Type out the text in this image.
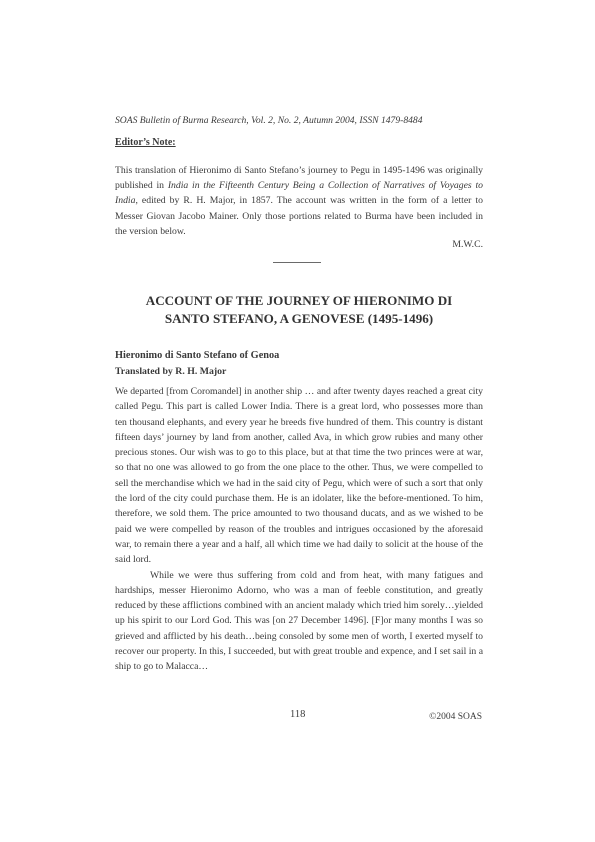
SOAS Bulletin of Burma Research, Vol. 2, No. 2, Autumn 2004, ISSN 1479-8484
Editor’s Note:

This translation of Hieronimo di Santo Stefano’s journey to Pegu in 1495-1496 was originally published in India in the Fifteenth Century Being a Collection of Narratives of Voyages to India, edited by R. H. Major, in 1857. The account was written in the form of a letter to Messer Giovan Jacobo Mainer. Only those portions related to Burma have been included in the version below.

M.W.C.
ACCOUNT OF THE JOURNEY OF HIERONIMO DI
SANTO STEFANO, A GENOVESE (1495-1496)
Hieronimo di Santo Stefano of Genoa
Translated by R. H. Major

We departed [from Coromandel] in another ship … and after twenty dayes reached a great city called Pegu. This part is called Lower India. There is a great lord, who possesses more than ten thousand elephants, and every year he breeds five hundred of them. This country is distant fifteen days’ journey by land from another, called Ava, in which grow rubies and many other precious stones. Our wish was to go to this place, but at that time the two princes were at war, so that no one was allowed to go from the one place to the other. Thus, we were compelled to sell the merchandise which we had in the said city of Pegu, which were of such a sort that only the lord of the city could purchase them. He is an idolater, like the before-mentioned. To him, therefore, we sold them. The price amounted to two thousand ducats, and as we wished to be paid we were compelled by reason of the troubles and intrigues occasioned by the aforesaid war, to remain there a year and a half, all which time we had daily to solicit at the house of the said lord.

While we were thus suffering from cold and from heat, with many fatigues and hardships, messer Hieronimo Adorno, who was a man of feeble constitution, and greatly reduced by these afflictions combined with an ancient malady which tried him sorely…yielded up his spirit to our Lord God. This was [on 27 December 1496]. [F]or many months I was so grieved and afflicted by his death…being consoled by some men of worth, I exerted myself to recover our property. In this, I succeeded, but with great trouble and expence, and I set sail in a ship to go to Malacca…

118	©2004 SOAS
